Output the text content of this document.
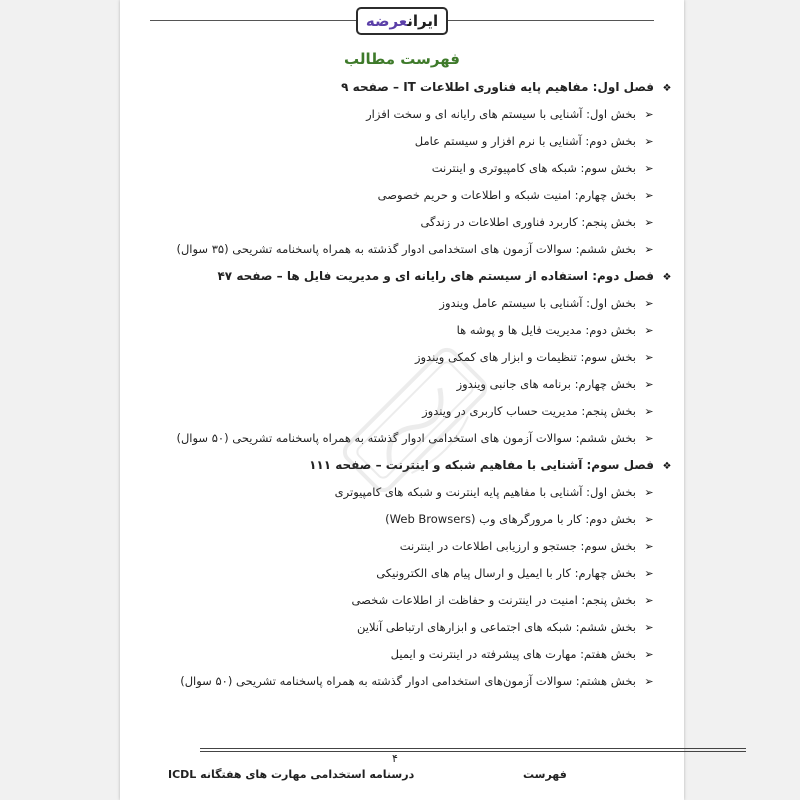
ایرانعرضه
فهرست مطالب
❖فصل اول: مفاهیم پایه فناوری اطلاعات IT – صفحه ۹
➢بخش اول: آشنایی با سیستم های رایانه ای و سخت افزار
➢بخش دوم: آشنایی با نرم افزار و سیستم عامل
➢بخش سوم: شبکه های کامپیوتری و اینترنت
➢بخش چهارم: امنیت شبکه و اطلاعات و حریم خصوصی
➢بخش پنجم: کاربرد فناوری اطلاعات در زندگی
➢بخش ششم: سوالات آزمون های استخدامی ادوار گذشته به همراه پاسخنامه تشریحی (۳۵ سوال)
❖فصل دوم: استفاده از سیستم های رایانه ای و مدیریت فایل ها – صفحه ۴۷
➢بخش اول: آشنایی با سیستم عامل ویندوز
➢بخش دوم: مدیریت فایل ها و پوشه ها
➢بخش سوم: تنظیمات و ابزار های کمکی ویندوز
➢بخش چهارم: برنامه های جانبی ویندوز
➢بخش پنجم: مدیریت حساب کاربری در ویندوز
➢بخش ششم: سوالات آزمون های استخدامی ادوار گذشته به همراه پاسخنامه تشریحی (۵۰ سوال)
❖فصل سوم: آشنایی با مفاهیم شبکه و اینترنت – صفحه ۱۱۱
➢بخش اول: آشنایی با مفاهیم پایه اینترنت و شبکه های کامپیوتری
➢بخش دوم: کار با مرورگرهای وب (Web Browsers)
➢بخش سوم: جستجو و ارزیابی اطلاعات در اینترنت
➢بخش چهارم: کار با ایمیل و ارسال پیام های الکترونیکی
➢بخش پنجم: امنیت در اینترنت و حفاظت از اطلاعات شخصی
➢بخش ششم: شبکه های اجتماعی و ابزارهای ارتباطی آنلاین
➢بخش هفتم: مهارت های پیشرفته در اینترنت و ایمیل
➢بخش هشتم: سوالات آزمون‌های استخدامی ادوار گذشته به همراه پاسخنامه تشریحی (۵۰ سوال)
۴
درسنامه استخدامی مهارت های هفتگانه ICDL	فهرست
